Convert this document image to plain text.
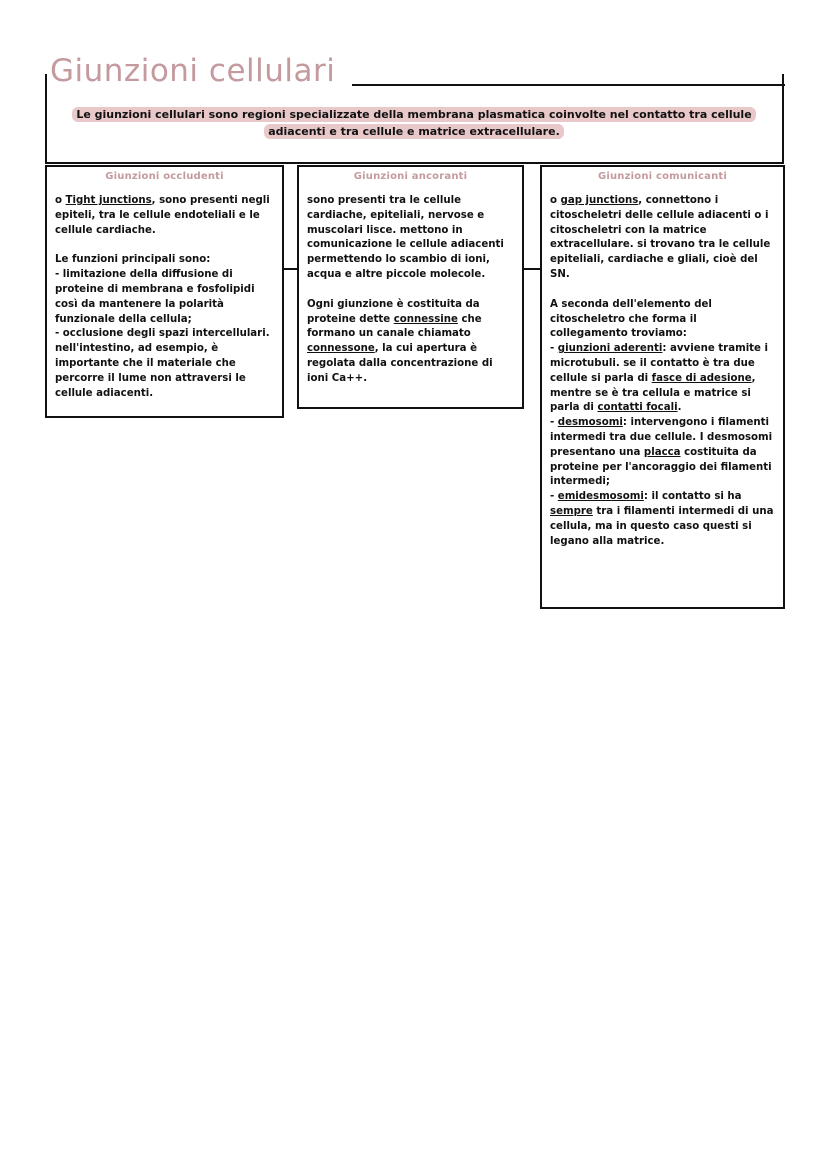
Giunzioni cellulari
Le giunzioni cellulari sono regioni specializzate della membrana plasmatica coinvolte nel contatto tra cellule adiacenti e tra cellule e matrice extracellulare.
Giunzioni occludenti

o Tight junctions, sono presenti negli epiteli, tra le cellule endoteliali e le cellule cardiache.

Le funzioni principali sono:
- limitazione della diffusione di proteine di membrana e fosfolipidi così da mantenere la polarità funzionale della cellula;
- occlusione degli spazi intercellulari. nell'intestino, ad esempio, è importante che il materiale che percorre il lume non attraversi le cellule adiacenti.

Giunzioni ancoranti

sono presenti tra le cellule cardiache, epiteliali, nervose e muscolari lisce. mettono in comunicazione le cellule adiacenti permettendo lo scambio di ioni, acqua e altre piccole molecole.

Ogni giunzione è costituita da proteine dette connessine che formano un canale chiamato connessone, la cui apertura è regolata dalla concentrazione di ioni Ca++.

Giunzioni comunicanti

o gap junctions, connettono i citoscheletri delle cellule adiacenti o i citoscheletri con la matrice extracellulare. si trovano tra le cellule epiteliali, cardiache e gliali, cioè del SN.

A seconda dell'elemento del citoscheletro che forma il collegamento troviamo:
- giunzioni aderenti: avviene tramite i microtubuli. se il contatto è tra due cellule si parla di fasce di adesione, mentre se è tra cellula e matrice si parla di contatti focali.
- desmosomi: intervengono i filamenti intermedi tra due cellule. I desmosomi presentano una placca costituita da proteine per l'ancoraggio dei filamenti intermedi;
- emidesmosomi: il contatto si ha sempre tra i filamenti intermedi di una cellula, ma in questo caso questi si legano alla matrice.
